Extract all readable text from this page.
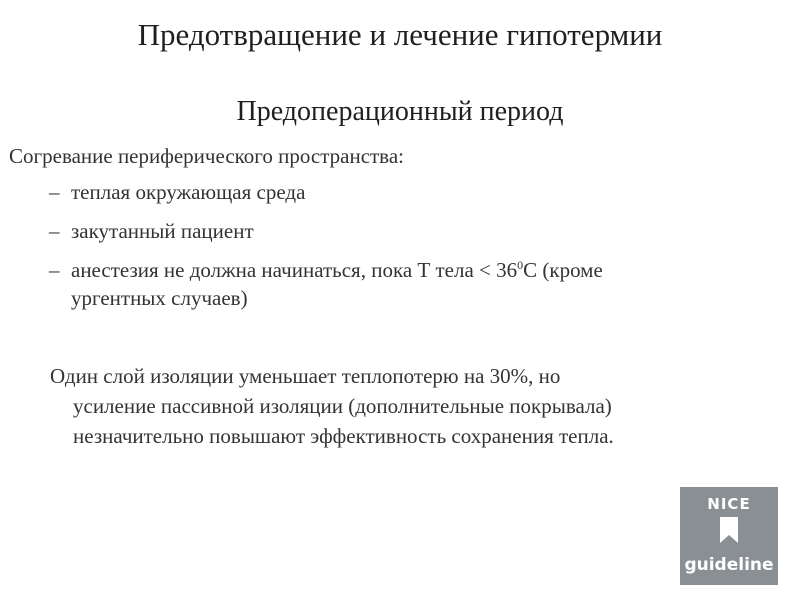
Предотвращение и лечение гипотермии
Предоперационный период
Согревание периферического пространства:
– теплая окружающая среда
– закутанный пациент
– анестезия не должна начинаться, пока Т тела < $36^0С$ (кроме
ургентных случаев)
Один слой изоляции уменьшает теплопотерю на 30%, но
усиление пассивной изоляции (дополнительные покрывала)
незначительно повышают эффективность сохранения тепла.
NICE
guideline
